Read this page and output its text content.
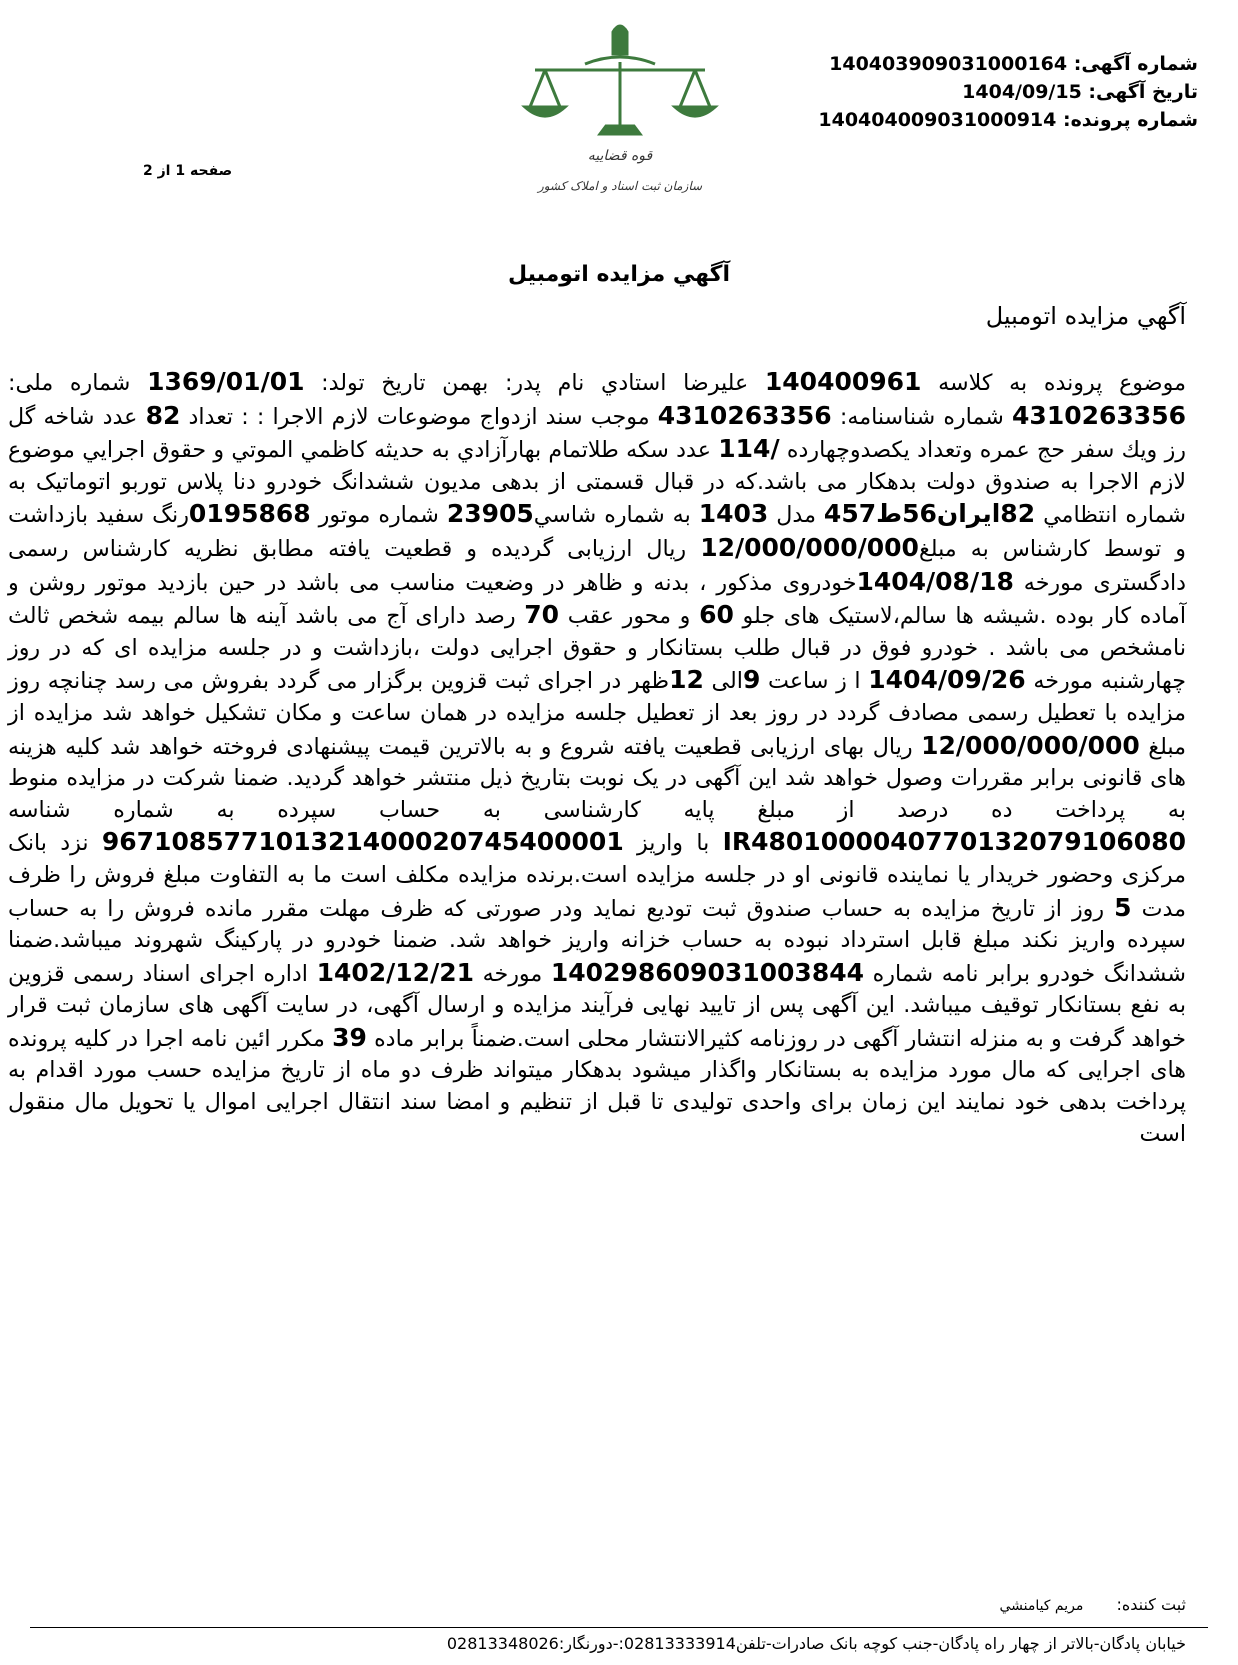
شماره آگهی: 140403909031000164
تاریخ آگهی: 1404/09/15
شماره پرونده: 14040400903100091‌4
صفحه 1 از 2
قوه قضاییه
سازمان ثبت اسناد و املاک کشور
آگهي مزايده اتومبيل
آگهي مزايده اتومبيل
موضوع پرونده به کلاسه 140400961 عليرضا استادي نام پدر: بهمن تاريخ تولد: 1369/01/01 شماره ملی: 4310263356 شماره شناسنامه: 4310263356 موجب سند ازدواج موضوعات لازم الاجرا : : تعداد 82 عدد شاخه گل رز ويك سفر حج عمره وتعداد يكصدوچهارده /114 عدد سکه طلاتمام بهارآزادي به حديثه کاظمي الموتي و حقوق اجرايي موضوع لازم الاجرا به صندوق دولت بدهکار می باشد.که در قبال قسمتی از بدهی مديون ششدانگ خودرو دنا پلاس توربو اتوماتيک به شماره انتظامي 82ايران56ط457 مدل 1403 به شماره شاسي23905 شماره موتور 0195868رنگ سفيد بازداشت و توسط کارشناس به مبلغ12/000/000/000 ريال ارزيابی گرديده و قطعيت يافته مطابق نظريه کارشناس رسمی دادگستری مورخه 1404/08/18خودروی مذکور ، بدنه و ظاهر در وضعيت مناسب می باشد در حين بازديد موتور روشن و آماده کار بوده .شيشه ها سالم،لاستيک های جلو 60 و محور عقب 70 رصد دارای آج می باشد آينه ها سالم بيمه شخص ثالث نامشخص می باشد . خودرو فوق در قبال طلب بستانکار و حقوق اجرايی دولت ،بازداشت و در جلسه مزايده ای که در روز چهارشنبه مورخه 1404/09/26 ا ز ساعت 9الی 12ظهر در اجرای ثبت قزوين برگزار می گردد بفروش می رسد چنانچه روز مزايده با تعطيل رسمی مصادف گردد در روز بعد از تعطيل جلسه مزايده در همان ساعت و مکان تشکيل خواهد شد مزايده از مبلغ 12/000/000/000 ريال بهای ارزيابی قطعيت يافته شروع و به بالاترين قيمت پيشنهادی فروخته خواهد شد کليه هزينه های قانونی برابر مقررات وصول خواهد شد اين آگهی در يک نوبت بتاريخ ذيل منتشر خواهد گرديد. ضمنا شرکت در مزايده منوط به پرداخت ده درصد از مبلغ پايه کارشناسی به حساب سپرده به شماره شناسه IR480100004077013207910608‌0 با واريز 967108577101321400020745400001 نزد بانک مرکزی وحضور خريدار يا نماينده قانونی او در جلسه مزايده است.برنده مزايده مکلف است ما به التفاوت مبلغ فروش را ظرف مدت 5 روز از تاريخ مزايده به حساب صندوق ثبت توديع نمايد ودر صورتی که ظرف مهلت مقرر مانده فروش را به حساب سپرده واريز نکند مبلغ قابل استرداد نبوده به حساب خزانه واريز خواهد شد. ضمنا خودرو در پارکينگ شهروند ميباشد.ضمنا ششدانگ خودرو برابر نامه شماره 14029860903100384‌4 مورخه 1402/12/21 اداره اجرای اسناد رسمی قزوين به نفع بستانکار توقيف ميباشد. اين آگهی پس از تاييد نهايی فرآيند مزايده و ارسال آگهی، در سايت آگهی های سازمان ثبت قرار خواهد گرفت و به منزله انتشار آگهی در روزنامه کثيرالانتشار محلی است.ضمناً برابر ماده 39 مکرر ائين نامه اجرا در کليه پرونده های اجرايی که مال مورد مزايده به بستانکار واگذار ميشود بدهکار ميتواند ظرف دو ماه از تاريخ مزايده حسب مورد اقدام به پرداخت بدهی خود نمايند اين زمان برای واحدی توليدی تا قبل از تنظيم و امضا سند انتقال اجرايی اموال يا تحويل مال منقول است
ثبت کننده: مريم کيامنشي
خيابان پادگان-بالاتر از چهار راه پادگان-جنب کوچه بانک صادرات-تلفن02813333914:-دورنگار:02813348026
